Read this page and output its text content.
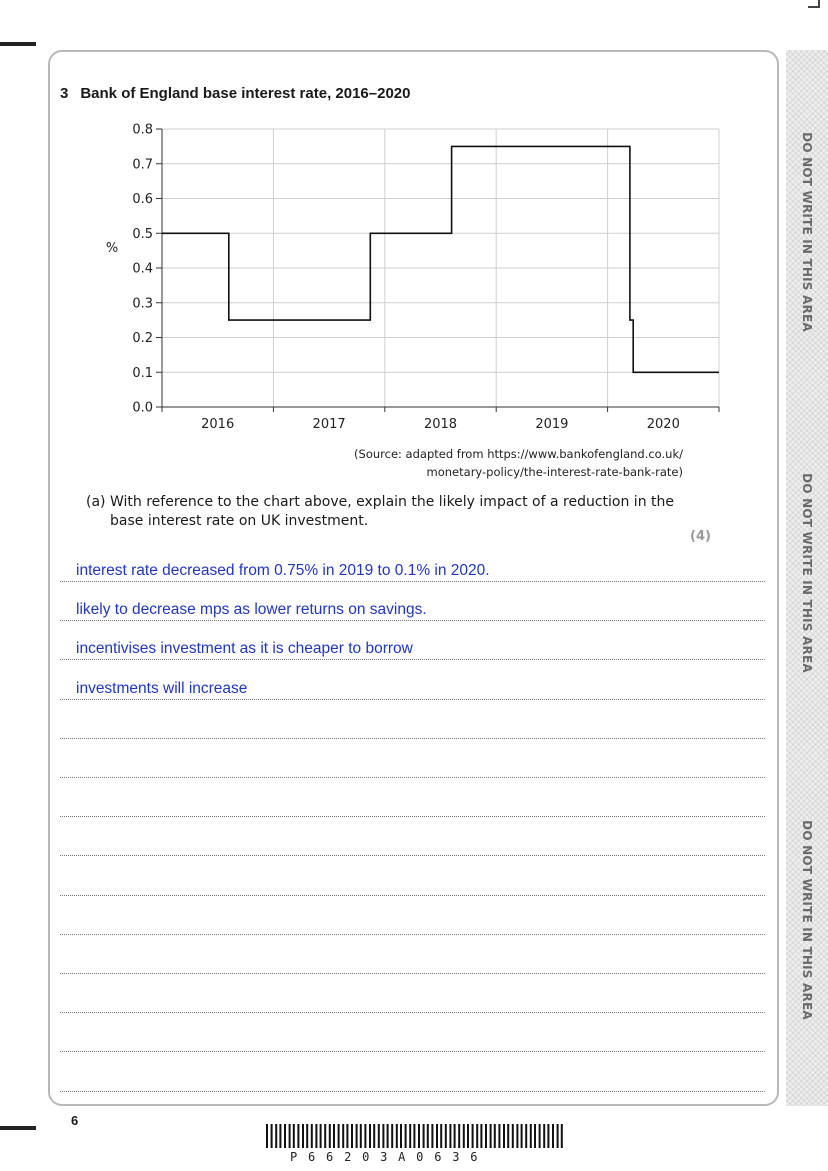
DO NOT WRITE IN THIS AREA
DO NOT WRITE IN THIS AREA
DO NOT WRITE IN THIS AREA
3 Bank of England base interest rate, 2016–2020
0.0
0.1
0.2
0.3
0.4
0.5
0.6
0.7
0.8
2016	2017	2018	2019	2020
%
(Source: adapted from https://www.bankofengland.co.uk/
monetary-policy/the-interest-rate-bank-rate)
(a) With reference to the chart above, explain the likely impact of a reduction in the base interest rate on UK investment.
(4)
interest rate decreased from 0.75% in 2019 to 0.1% in 2020.
likely to decrease mps as lower returns on savings.
incentivises investment as it is cheaper to borrow
investments will increase
6
P66203A0636
